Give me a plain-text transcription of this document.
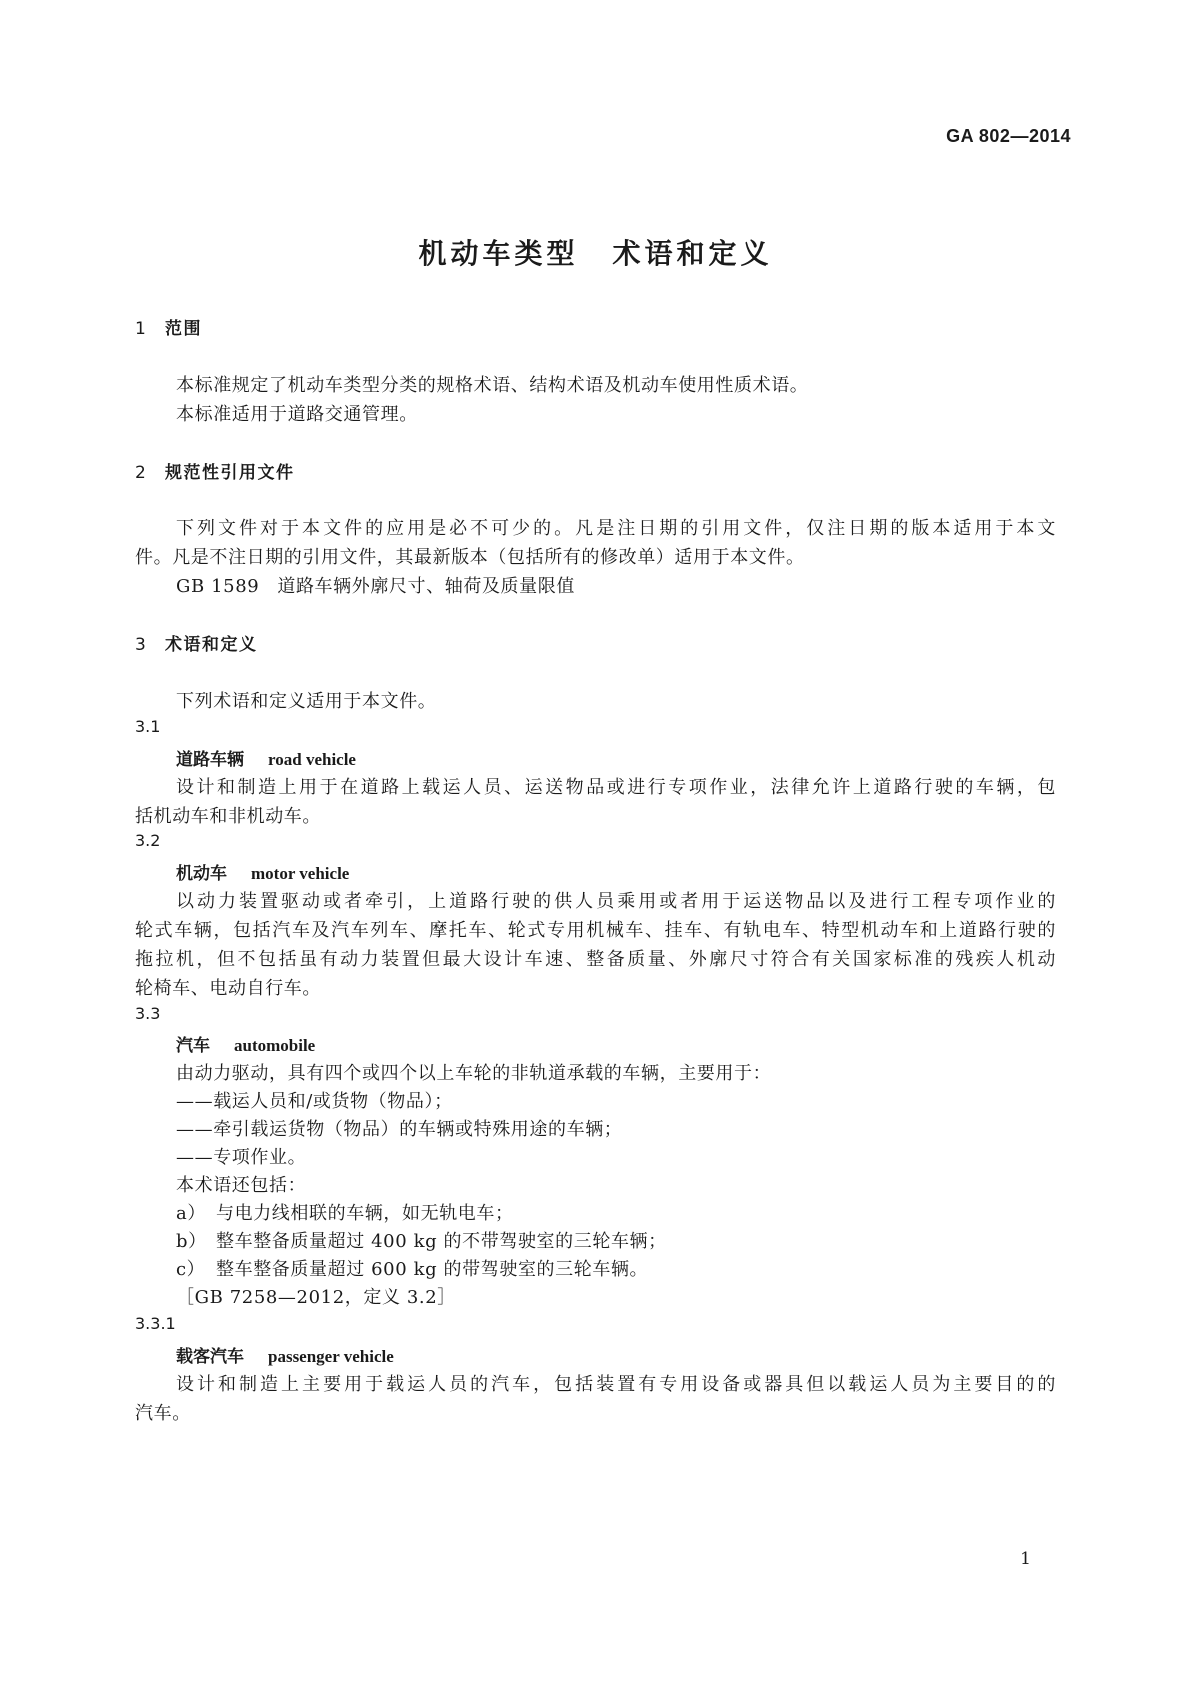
GA 802—2014
机动车类型 术语和定义
1 范围
本标准规定了机动车类型分类的规格术语、结构术语及机动车使用性质术语。
本标准适用于道路交通管理。
2 规范性引用文件
下列文件对于本文件的应用是必不可少的。凡是注日期的引用文件，仅注日期的版本适用于本文
件。凡是不注日期的引用文件，其最新版本（包括所有的修改单）适用于本文件。
GB 1589 道路车辆外廓尺寸、轴荷及质量限值
3 术语和定义
下列术语和定义适用于本文件。
3.1
道路车辆 road vehicle
设计和制造上用于在道路上载运人员、运送物品或进行专项作业，法律允许上道路行驶的车辆，包
括机动车和非机动车。
3.2
机动车 motor vehicle
以动力装置驱动或者牵引，上道路行驶的供人员乘用或者用于运送物品以及进行工程专项作业的
轮式车辆，包括汽车及汽车列车、摩托车、轮式专用机械车、挂车、有轨电车、特型机动车和上道路行驶的
拖拉机，但不包括虽有动力装置但最大设计车速、整备质量、外廓尺寸符合有关国家标准的残疾人机动
轮椅车、电动自行车。
3.3
汽车 automobile
由动力驱动，具有四个或四个以上车轮的非轨道承载的车辆，主要用于：
——载运人员和/或货物（物品）；
——牵引载运货物（物品）的车辆或特殊用途的车辆；
——专项作业。
本术语还包括：
a） 与电力线相联的车辆，如无轨电车；
b） 整车整备质量超过 400 kg 的不带驾驶室的三轮车辆；
c） 整车整备质量超过 600 kg 的带驾驶室的三轮车辆。
［GB 7258—2012，定义 3.2］
3.3.1
载客汽车 passenger vehicle
设计和制造上主要用于载运人员的汽车，包括装置有专用设备或器具但以载运人员为主要目的的
汽车。
1
